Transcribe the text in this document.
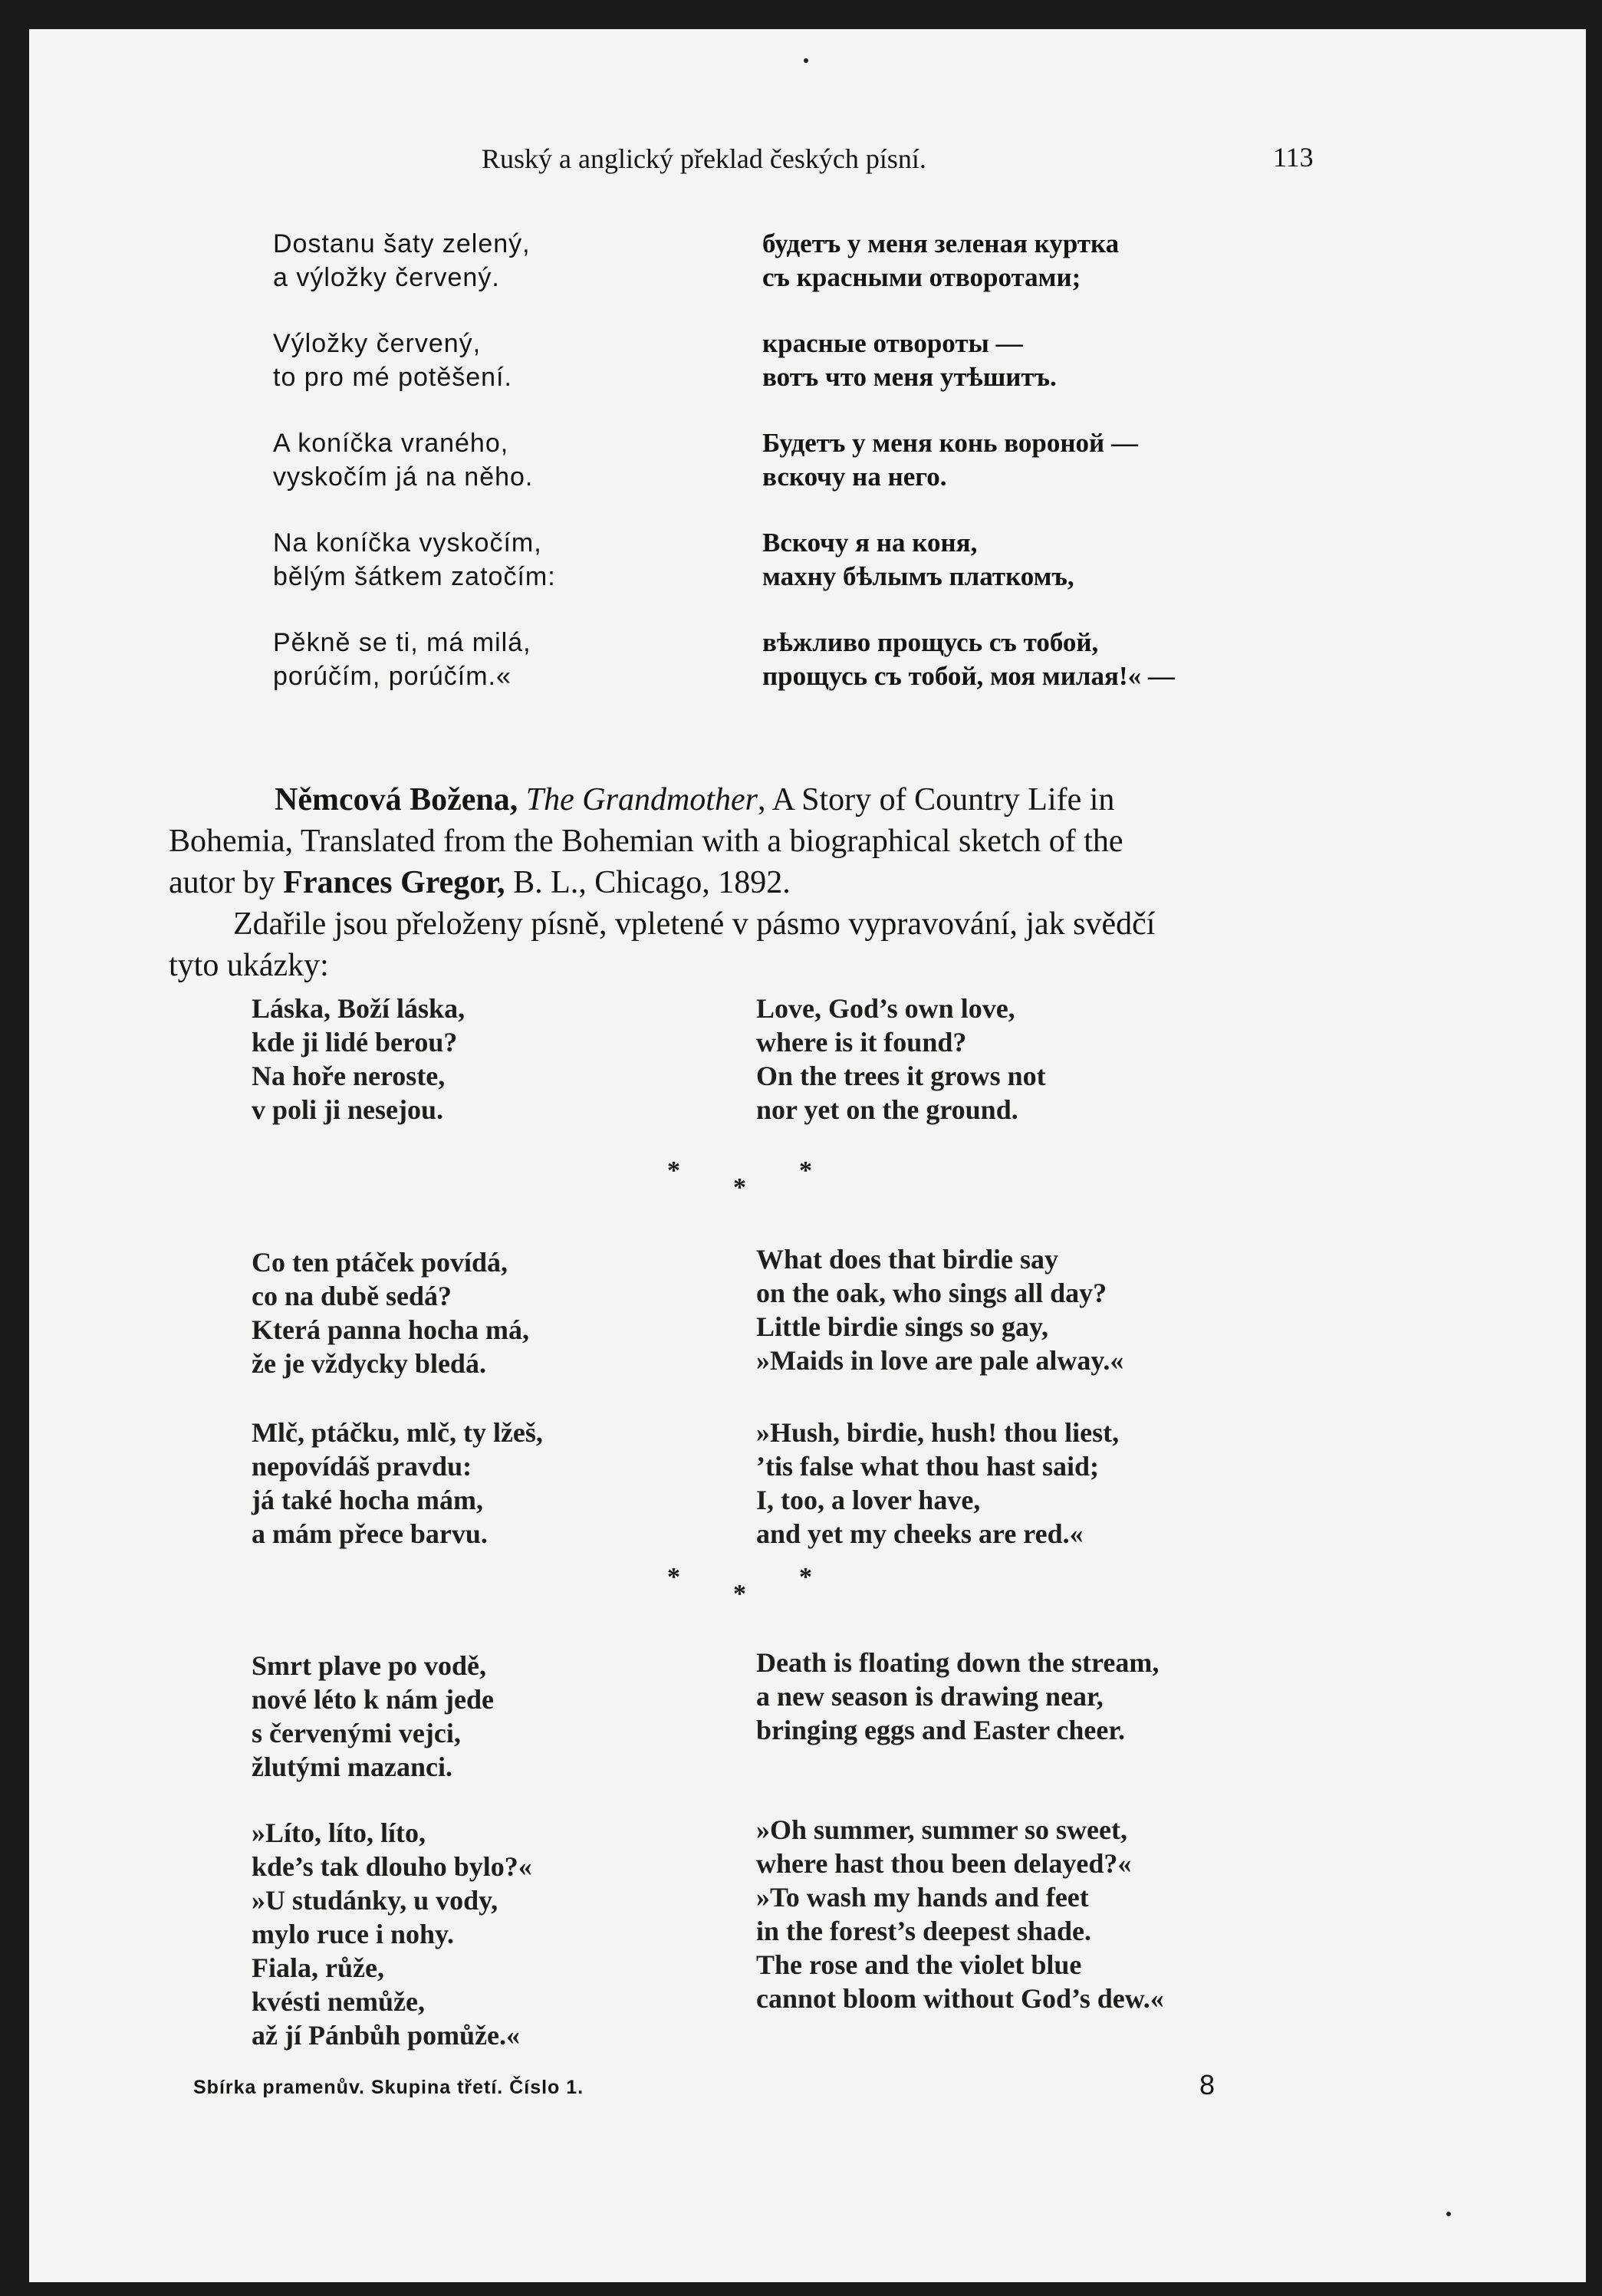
Ruský a anglický překlad českých písní.	113
Dostanu šaty zelený,
a výložky červený.
Výložky červený,
to pro mé potěšení.
A koníčka vraného,
vyskočím já na něho.
Na koníčka vyskočím,
bělým šátkem zatočím:
Pěkně se ti, má milá,
porúčím, porúčím.«
будетъ у меня зеленая куртка
съ красными отворотами;
красные отвороты —
вотъ что меня утѣшитъ.
Будетъ у меня конь вороной —
вскочу на него.
Вскочу я на коня,
махну бѣлымъ платкомъ,
вѣжливо прощусь съ тобой,
прощусь съ тобой, моя милая!« —
Němcová Božena, The Grandmother, A Story of Country Life in
Bohemia, Translated from the Bohemian with a biographical sketch of the
autor by Frances Gregor, B. L., Chicago, 1892.
Zdařile jsou přeloženy písně, vpletené v pásmo vypravování, jak svědčí
tyto ukázky:
Láska, Boží láska,
kde ji lidé berou?
Na hoře neroste,
v poli ji nesejou.
Love, God’s own love,
where is it found?
On the trees it grows not
nor yet on the ground.
*
*
*
Co ten ptáček povídá,
co na dubě sedá?
Která panna hocha má,
že je vždycky bledá.
What does that birdie say
on the oak, who sings all day?
Little birdie sings so gay,
»Maids in love are pale alway.«
Mlč, ptáčku, mlč, ty lžeš,
nepovídáš pravdu:
já také hocha mám,
a mám přece barvu.
»Hush, birdie, hush! thou liest,
’tis false what thou hast said;
I, too, a lover have,
and yet my cheeks are red.«
*
*
*
Smrt plave po vodě,
nové léto k nám jede
s červenými vejci,
žlutými mazanci.
Death is floating down the stream,
a new season is drawing near,
bringing eggs and Easter cheer.
»Líto, líto, líto,
kde’s tak dlouho bylo?«
»U studánky, u vody,
mylo ruce i nohy.
Fiala, růže,
kvésti nemůže,
až jí Pánbůh pomůže.«
»Oh summer, summer so sweet,
where hast thou been delayed?«
»To wash my hands and feet
in the forest’s deepest shade.
The rose and the violet blue
cannot bloom without God’s dew.«
Sbírka pramenův. Skupina třetí. Číslo 1.	8
